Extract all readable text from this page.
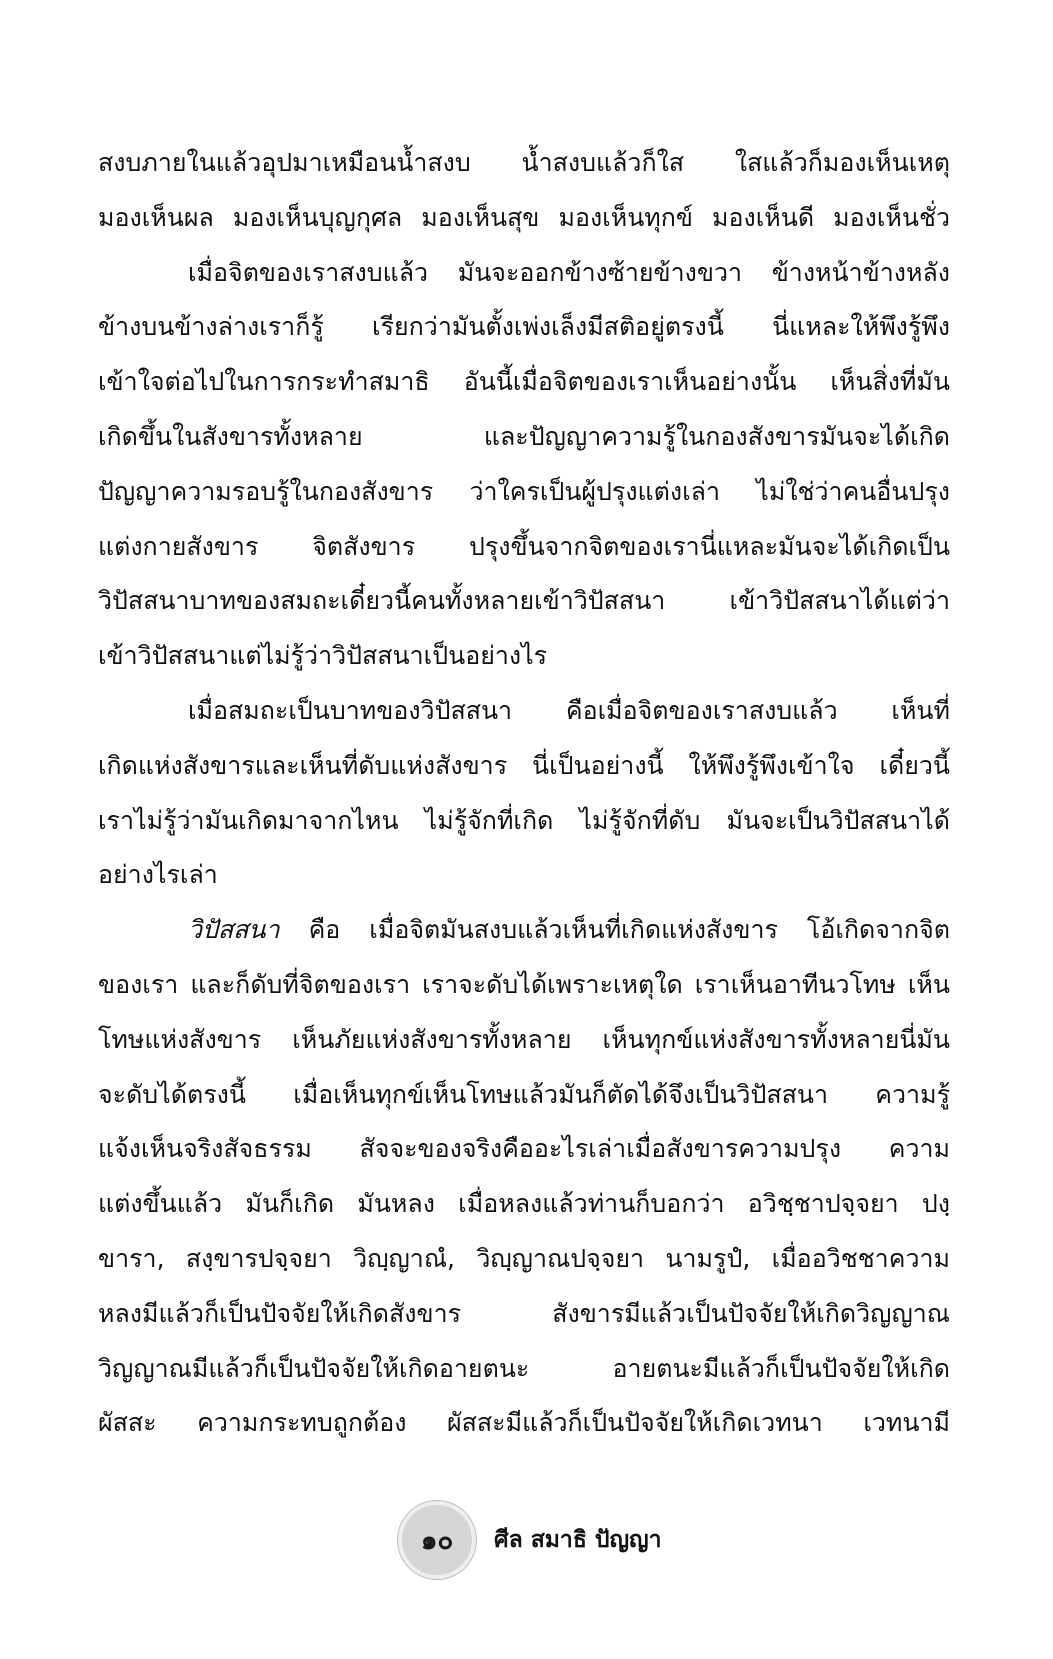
สงบภายในแล้วอุปมาเหมือนน้ำสงบ น้ำสงบแล้วก็ใส ใสแล้วก็มองเห็นเหตุ
มองเห็นผล มองเห็นบุญกุศล มองเห็นสุข มองเห็นทุกข์ มองเห็นดี มองเห็นชั่ว
เมื่อจิตของเราสงบแล้ว มันจะออกข้างซ้ายข้างขวา ข้างหน้าข้างหลัง
ข้างบนข้างล่างเราก็รู้ เรียกว่ามันตั้งเพ่งเล็งมีสติอยู่ตรงนี้ นี่แหละให้พึงรู้พึง
เข้าใจต่อไปในการกระทำสมาธิ อันนี้เมื่อจิตของเราเห็นอย่างนั้น เห็นสิ่งที่มัน
เกิดขึ้นในสังขารทั้งหลาย และปัญญาความรู้ในกองสังขารมันจะได้เกิด
ปัญญาความรอบรู้ในกองสังขาร ว่าใครเป็นผู้ปรุงแต่งเล่า ไม่ใช่ว่าคนอื่นปรุง
แต่งกายสังขาร จิตสังขาร ปรุงขึ้นจากจิตของเรานี่แหละมันจะได้เกิดเป็น
วิปัสสนาบาทของสมถะเดี๋ยวนี้คนทั้งหลายเข้าวิปัสสนา เข้าวิปัสสนาได้แต่ว่า
เข้าวิปัสสนาแต่ไม่รู้ว่าวิปัสสนาเป็นอย่างไร
เมื่อสมถะเป็นบาทของวิปัสสนา คือเมื่อจิตของเราสงบแล้ว เห็นที่
เกิดแห่งสังขารและเห็นที่ดับแห่งสังขาร นี่เป็นอย่างนี้ ให้พึงรู้พึงเข้าใจ เดี๋ยวนี้
เราไม่รู้ว่ามันเกิดมาจากไหน ไม่รู้จักที่เกิด ไม่รู้จักที่ดับ มันจะเป็นวิปัสสนาได้
อย่างไรเล่า
วิปัสสนา คือ เมื่อจิตมันสงบแล้วเห็นที่เกิดแห่งสังขาร โอ้เกิดจากจิต
ของเรา และก็ดับที่จิตของเรา เราจะดับได้เพราะเหตุใด เราเห็นอาทีนวโทษ เห็น
โทษแห่งสังขาร เห็นภัยแห่งสังขารทั้งหลาย เห็นทุกข์แห่งสังขารทั้งหลายนี่มัน
จะดับได้ตรงนี้ เมื่อเห็นทุกข์เห็นโทษแล้วมันก็ตัดได้จึงเป็นวิปัสสนา ความรู้
แจ้งเห็นจริงสัจธรรม สัจจะของจริงคืออะไรเล่าเมื่อสังขารความปรุง ความ
แต่งขึ้นแล้ว มันก็เกิด มันหลง เมื่อหลงแล้วท่านก็บอกว่า อวิชฺชาปจฺจยา ปงฺ
ขารา, สงฺขารปจฺจยา วิญฺญาณํ, วิญฺญาณปจฺจยา นามรูปํ, เมื่ออวิชชาความ
หลงมีแล้วก็เป็นปัจจัยให้เกิดสังขาร สังขารมีแล้วเป็นปัจจัยให้เกิดวิญญาณ
วิญญาณมีแล้วก็เป็นปัจจัยให้เกิดอายตนะ อายตนะมีแล้วก็เป็นปัจจัยให้เกิด
ผัสสะ ความกระทบถูกต้อง ผัสสะมีแล้วก็เป็นปัจจัยให้เกิดเวทนา เวทนามี
๑๐ ศีล สมาธิ ปัญญา
